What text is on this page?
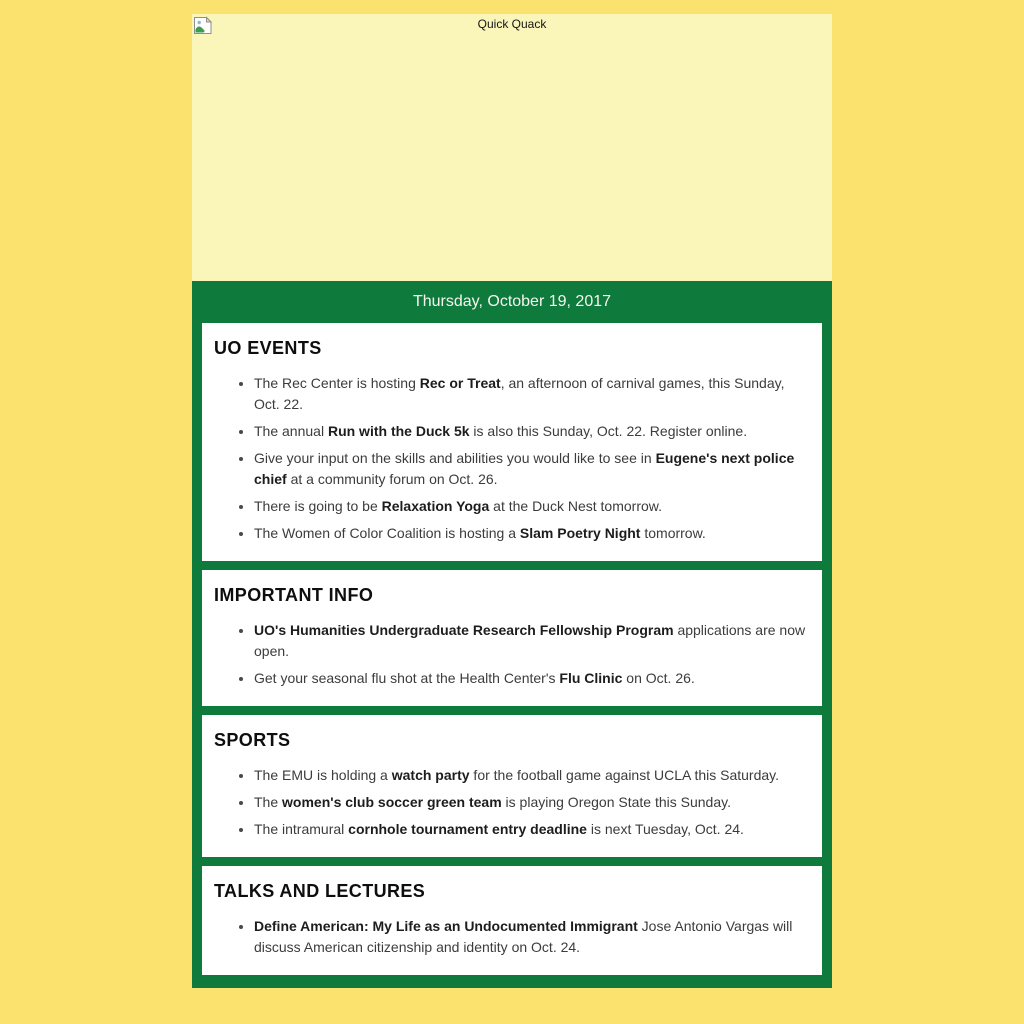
Quick Quack
Thursday, October 19, 2017
UO EVENTS
• The Rec Center is hosting Rec or Treat, an afternoon of carnival games, this Sunday, Oct. 22.
• The annual Run with the Duck 5k is also this Sunday, Oct. 22. Register online.
• Give your input on the skills and abilities you would like to see in Eugene's next police chief at a community forum on Oct. 26.
• There is going to be Relaxation Yoga at the Duck Nest tomorrow.
• The Women of Color Coalition is hosting a Slam Poetry Night tomorrow.
IMPORTANT INFO
• UO's Humanities Undergraduate Research Fellowship Program applications are now open.
• Get your seasonal flu shot at the Health Center's Flu Clinic on Oct. 26.
SPORTS
• The EMU is holding a watch party for the football game against UCLA this Saturday.
• The women's club soccer green team is playing Oregon State this Sunday.
• The intramural cornhole tournament entry deadline is next Tuesday, Oct. 24.
TALKS AND LECTURES
• Define American: My Life as an Undocumented Immigrant Jose Antonio Vargas will discuss American citizenship and identity on Oct. 24.
